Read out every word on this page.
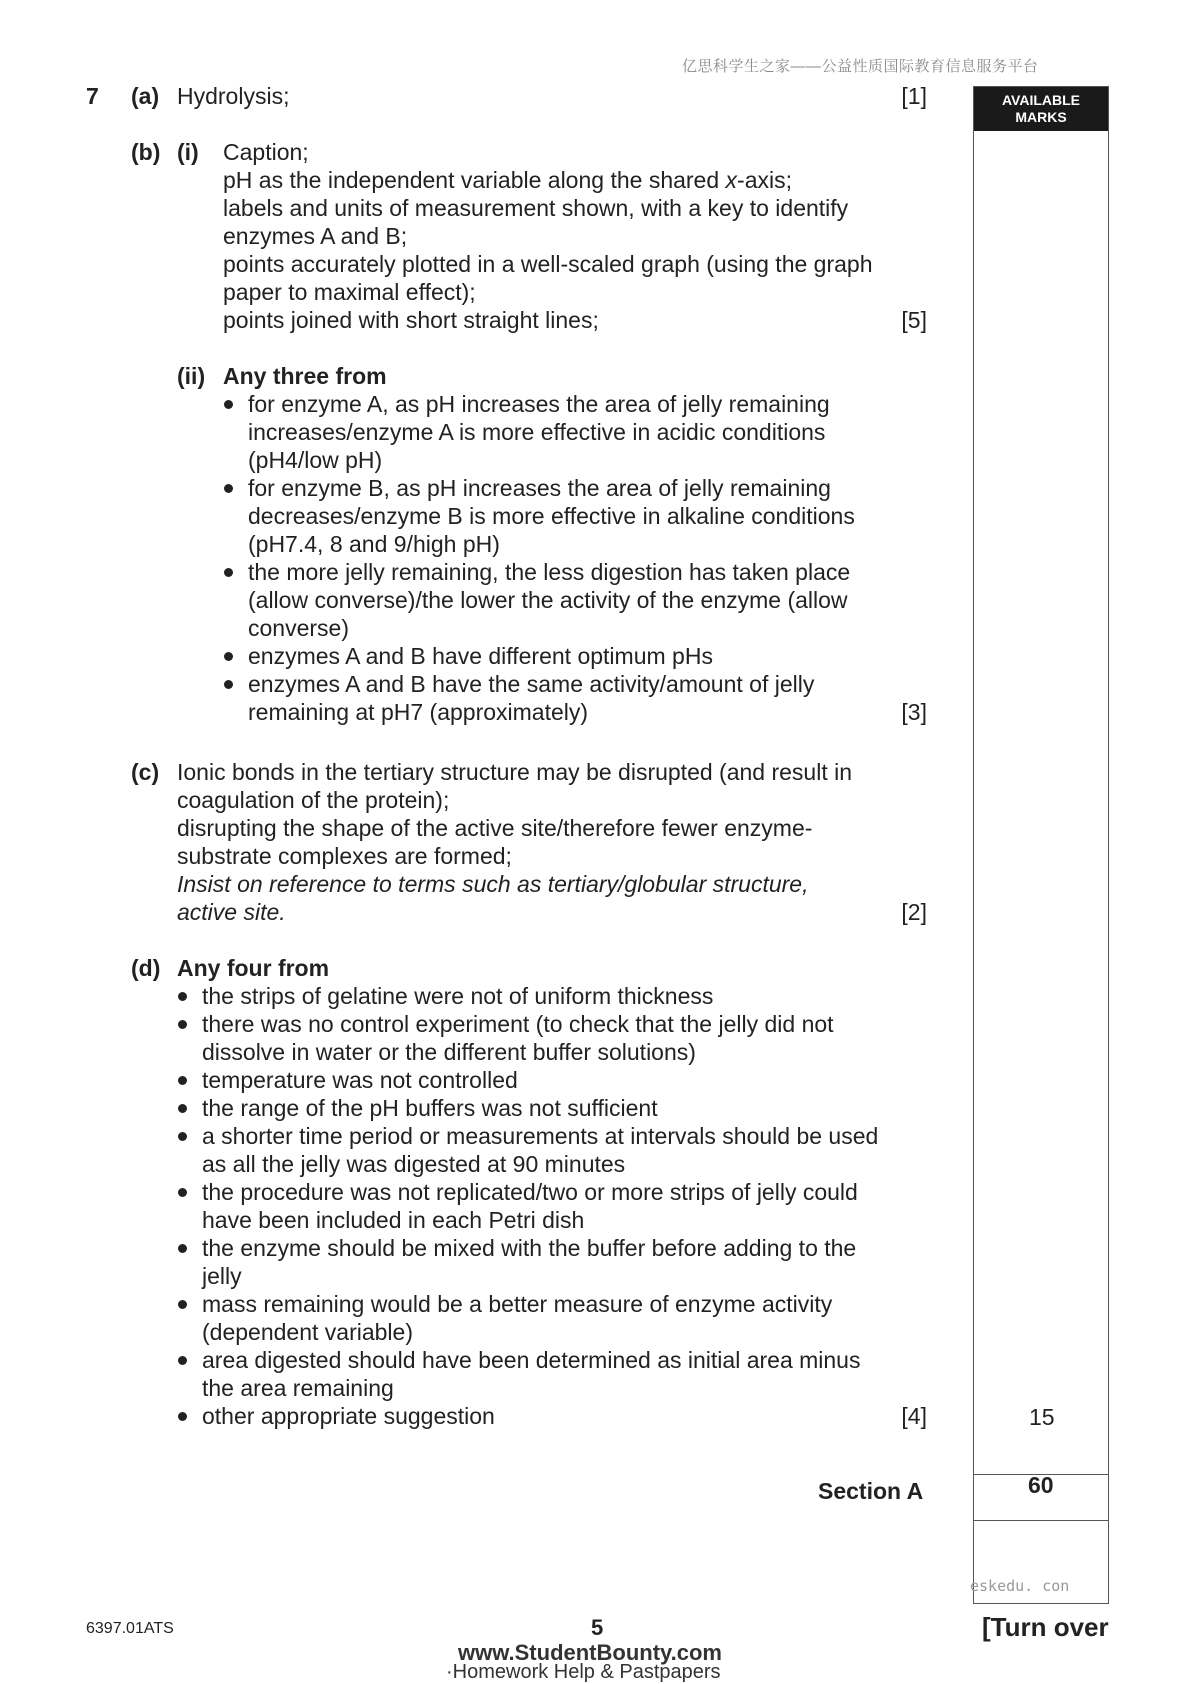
亿思科学生之家——公益性质国际教育信息服务平台
AVAILABLE
MARKS
15
60
7 (a) Hydrolysis;	[1]
(b) (i) Caption;
pH as the independent variable along the shared x-axis;
labels and units of measurement shown, with a key to identify
enzymes A and B;
points accurately plotted in a well-scaled graph (using the graph
paper to maximal effect);
points joined with short straight lines;	[5]
(ii) Any three from
for enzyme A, as pH increases the area of jelly remaining
increases/enzyme A is more effective in acidic conditions
(pH4/low pH)
for enzyme B, as pH increases the area of jelly remaining
decreases/enzyme B is more effective in alkaline conditions
(pH7.4, 8 and 9/high pH)
the more jelly remaining, the less digestion has taken place
(allow converse)/the lower the activity of the enzyme (allow
converse)
enzymes A and B have different optimum pHs
enzymes A and B have the same activity/amount of jelly
remaining at pH7 (approximately)	[3]
(c) Ionic bonds in the tertiary structure may be disrupted (and result in
coagulation of the protein);
disrupting the shape of the active site/therefore fewer enzyme-
substrate complexes are formed;
Insist on reference to terms such as tertiary/globular structure,
active site.	[2]
(d) Any four from
the strips of gelatine were not of uniform thickness
there was no control experiment (to check that the jelly did not
dissolve in water or the different buffer solutions)
temperature was not controlled
the range of the pH buffers was not sufficient
a shorter time period or measurements at intervals should be used
as all the jelly was digested at 90 minutes
the procedure was not replicated/two or more strips of jelly could
have been included in each Petri dish
the enzyme should be mixed with the buffer before adding to the
jelly
mass remaining would be a better measure of enzyme activity
(dependent variable)
area digested should have been determined as initial area minus
the area remaining
other appropriate suggestion	[4]
Section A
eskedu. con
6397.01ATS	5	[Turn over
www.StudentBounty.com
·Homework Help & Pastpapers
